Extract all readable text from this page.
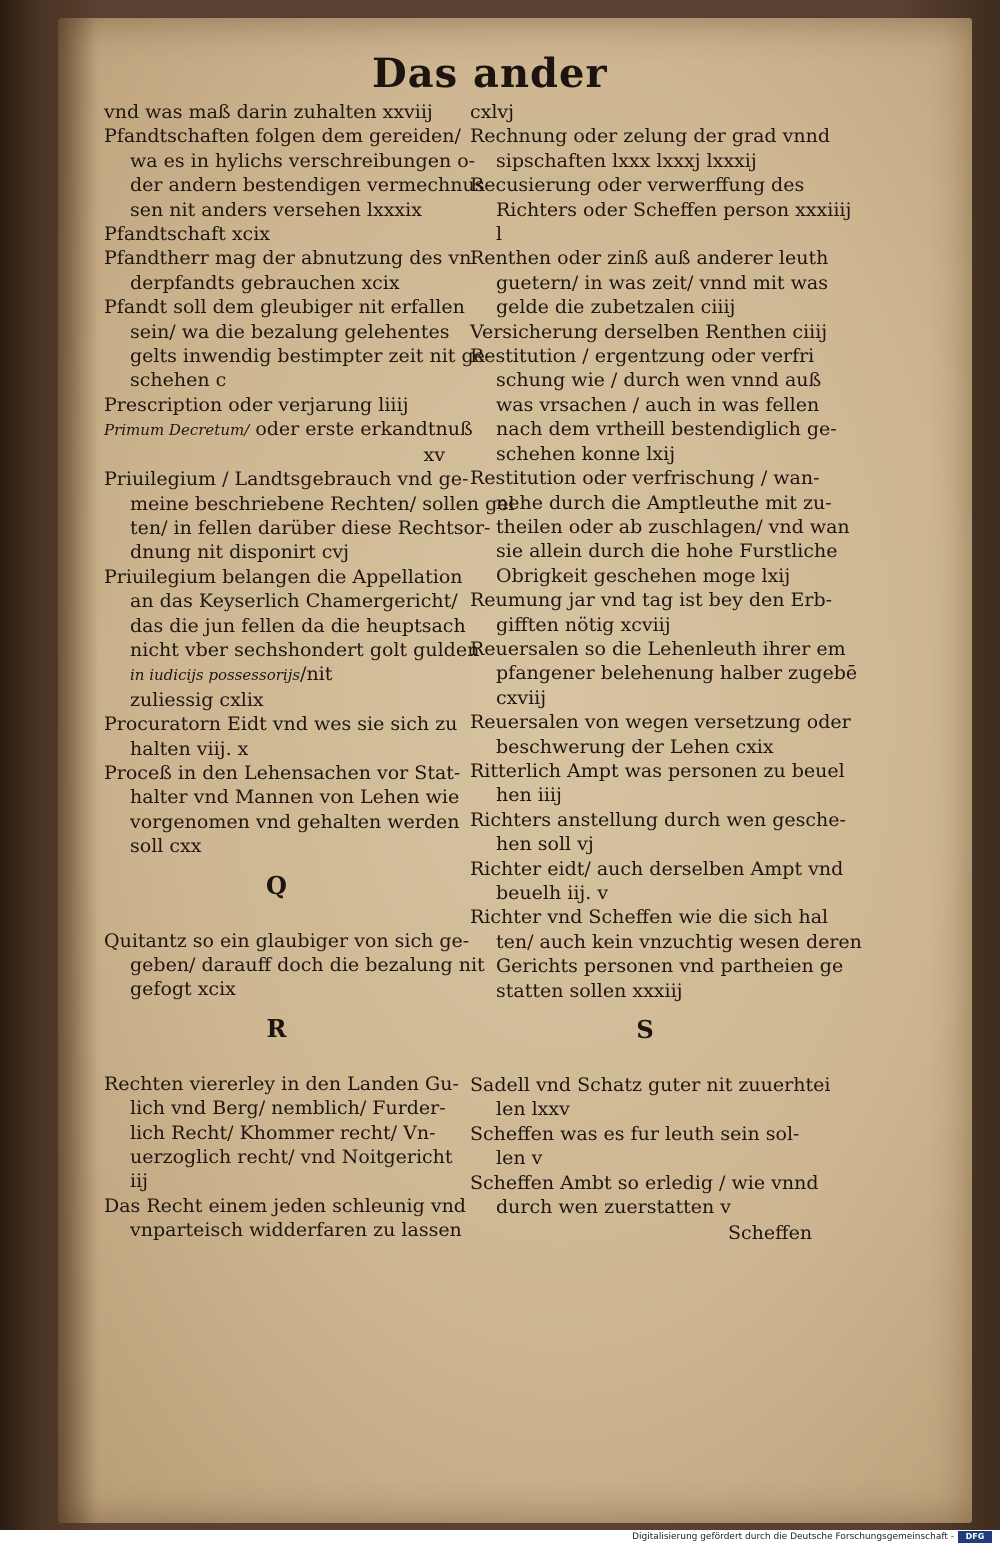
Das ander
vnd was maß darin zuhalten xxviij
Pfandtschaften folgen dem gereiden/
wa es in hylichs verschreibungen o-
der andern bestendigen vermechnus-
sen nit anders versehen lxxxix
Pfandtschaft xcix
Pfandtherr mag der abnutzung des vn
derpfandts gebrauchen xcix
Pfandt soll dem gleubiger nit erfallen
sein/ wa die bezalung gelehentes
gelts inwendig bestimpter zeit nit ge-
schehen c
Prescription oder verjarung liiij
Primum Decretum/ oder erste erkandtnuß
xv
Priuilegium / Landtsgebrauch vnd ge-
meine beschriebene Rechten/ sollen gel
ten/ in fellen darüber diese Rechtsor-
dnung nit disponirt cvj
Priuilegium belangen die Appellation
an das Keyserlich Chamergericht/
das die jun fellen da die heuptsach
nicht vber sechshondert golt gulden
in iudicijs possessorijs/nit
zuliessig cxlix
Procuratorn Eidt vnd wes sie sich zu
halten viij. x
Proceß in den Lehensachen vor Stat-
halter vnd Mannen von Lehen wie
vorgenomen vnd gehalten werden
soll cxx
Q
Quitantz so ein glaubiger von sich ge-
geben/ darauff doch die bezalung nit
gefogt xcix
R
Rechten viererley in den Landen Gu-
lich vnd Berg/ nemblich/ Furder-
lich Recht/ Khommer recht/ Vn-
uerzoglich recht/ vnd Noitgericht
iij
Das Recht einem jeden schleunig vnd
vnparteisch widderfaren zu lassen
cxlvj
Rechnung oder zelung der grad vnnd
sipschaften lxxx lxxxj lxxxij
Recusierung oder verwerffung des
Richters oder Scheffen person xxxiiij
l
Renthen oder zinß auß anderer leuth
guetern/ in was zeit/ vnnd mit was
gelde die zubetzalen ciiij
Versicherung derselben Renthen ciiij
Restitution / ergentzung oder verfri
schung wie / durch wen vnnd auß
was vrsachen / auch in was fellen
nach dem vrtheill bestendiglich ge-
schehen konne lxij
Restitution oder verfrischung / wan-
nehe durch die Amptleuthe mit zu-
theilen oder ab zuschlagen/ vnd wan
sie allein durch die hohe Furstliche
Obrigkeit geschehen moge lxij
Reumung jar vnd tag ist bey den Erb-
gifften nötig xcviij
Reuersalen so die Lehenleuth ihrer em
pfangener belehenung halber zugebē
cxviij
Reuersalen von wegen versetzung oder
beschwerung der Lehen cxix
Ritterlich Ampt was personen zu beuel
hen iiij
Richters anstellung durch wen gesche-
hen soll vj
Richter eidt/ auch derselben Ampt vnd
beuelh iij. v
Richter vnd Scheffen wie die sich hal
ten/ auch kein vnzuchtig wesen deren
Gerichts personen vnd partheien ge
statten sollen xxxiij
S
Sadell vnd Schatz guter nit zuuerhtei
len lxxv
Scheffen was es fur leuth sein sol-
len v
Scheffen Ambt so erledig / wie vnnd
durch wen zuerstatten v
Scheffen
Digitalisierung gefördert durch die Deutsche Forschungsgemeinschaft -	DFG
